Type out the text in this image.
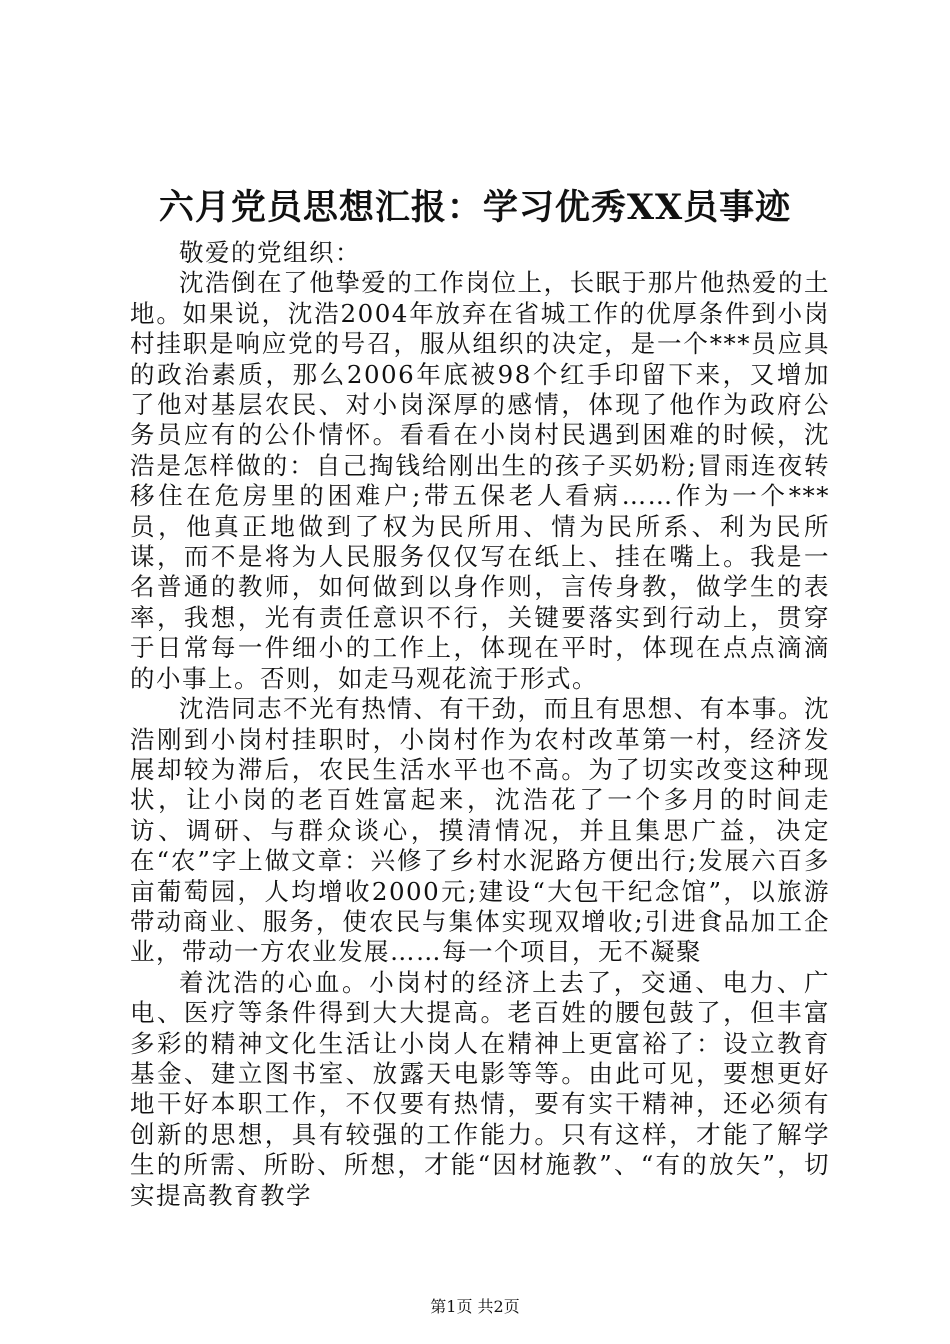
六月党员思想汇报：学习优秀XX员事迹

敬爱的党组织：

沈浩倒在了他挚爱的工作岗位上，长眠于那片他热爱的土地。如果说，沈浩2004年放弃在省城工作的优厚条件到小岗村挂职是响应党的号召，服从组织的决定，是一个***员应具的政治素质，那么2006年底被98个红手印留下来，又增加了他对基层农民、对小岗深厚的感情，体现了他作为政府公务员应有的公仆情怀。看看在小岗村民遇到困难的时候，沈浩是怎样做的：自己掏钱给刚出生的孩子买奶粉;冒雨连夜转移住在危房里的困难户;带五保老人看病……作为一个***员，他真正地做到了权为民所用、情为民所系、利为民所谋，而不是将为人民服务仅仅写在纸上、挂在嘴上。我是一名普通的教师，如何做到以身作则，言传身教，做学生的表率，我想，光有责任意识不行，关键要落实到行动上，贯穿于日常每一件细小的工作上，体现在平时，体现在点点滴滴的小事上。否则，如走马观花流于形式。

沈浩同志不光有热情、有干劲，而且有思想、有本事。沈浩刚到小岗村挂职时，小岗村作为农村改革第一村，经济发展却较为滞后，农民生活水平也不高。为了切实改变这种现状，让小岗的老百姓富起来，沈浩花了一个多月的时间走访、调研、与群众谈心，摸清情况，并且集思广益，决定在“农”字上做文章：兴修了乡村水泥路方便出行;发展六百多亩葡萄园，人均增收2000元;建设“大包干纪念馆”，以旅游带动商业、服务，使农民与集体实现双增收;引进食品加工企业，带动一方农业发展……每一个项目，无不凝聚

着沈浩的心血。小岗村的经济上去了，交通、电力、广电、医疗等条件得到大大提高。老百姓的腰包鼓了，但丰富多彩的精神文化生活让小岗人在精神上更富裕了：设立教育基金、建立图书室、放露天电影等等。由此可见，要想更好地干好本职工作，不仅要有热情，要有实干精神，还必须有创新的思想，具有较强的工作能力。只有这样，才能了解学生的所需、所盼、所想，才能“因材施教”、“有的放矢”，切实提高教育教学

第1页 共2页
